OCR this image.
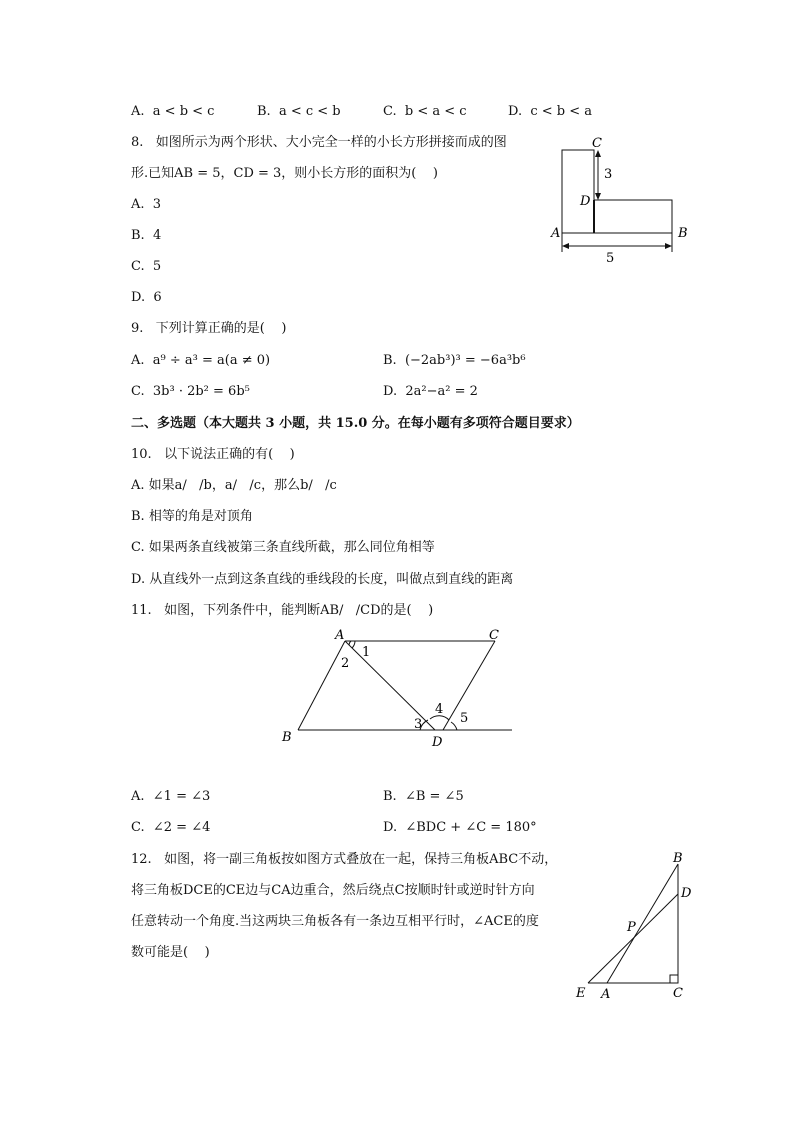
A.  a < b < c	B.  a < c < b	C.  b < a < c	D.  c < b < a
8.   如图所示为两个形状、大小完全一样的小长方形拼接而成的图
形.已知AB = 5，CD = 3，则小长方形的面积为(    )
A.  3
B.  4
C.  5
D.  6
C
D
A	B
3
5
9.   下列计算正确的是(    )
A.  a⁹ ÷ a³ = a(a ≠ 0)	B.  (−2ab³)³ = −6a³b⁶
C.  3b³ · 2b² = 6b⁵	D.  2a²−a² = 2
二、多选题（本大题共 3 小题，共 15.0 分。在每小题有多项符合题目要求）
10.   以下说法正确的有(    )
A. 如果a/   /b，a/   /c，那么b/   /c
B. 相等的角是对顶角
C. 如果两条直线被第三条直线所截，那么同位角相等
D. 从直线外一点到这条直线的垂线段的长度，叫做点到直线的距离
11.   如图，下列条件中，能判断AB/   /CD的是(    )
A	C
B	D
1
2
3
4
5
A.  ∠1 = ∠3	B.  ∠B = ∠5
C.  ∠2 = ∠4	D.  ∠BDC + ∠C = 180°
12.   如图，将一副三角板按如图方式叠放在一起，保持三角板ABC不动，
将三角板DCE的CE边与CA边重合，然后绕点C按顺时针或逆时针方向
任意转动一个角度.当这两块三角板各有一条边互相平行时，∠ACE的度
数可能是(    )
B
D
P
E A	C
